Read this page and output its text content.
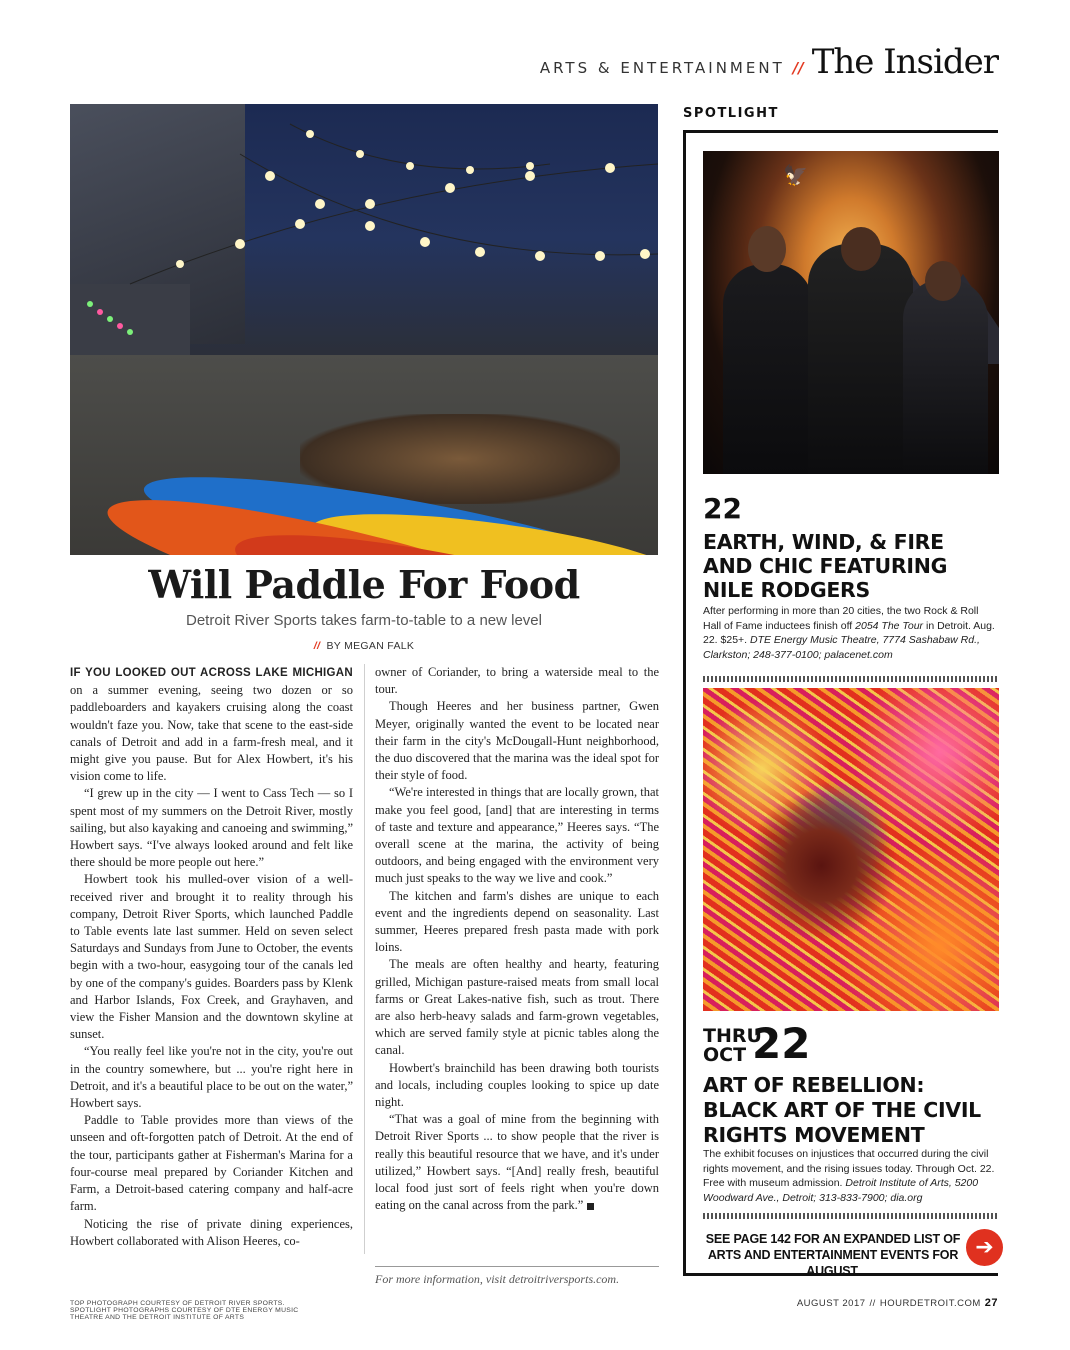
ARTS & ENTERTAINMENT // The Insider
Will Paddle For Food
Detroit River Sports takes farm-to-table to a new level
// BY MEGAN FALK

IF YOU LOOKED OUT ACROSS LAKE MICHIGAN on a summer evening, seeing two dozen or so paddleboarders and kayakers cruising along the coast wouldn't faze you. Now, take that scene to the east-side canals of Detroit and add in a farm-fresh meal, and it might give you pause. But for Alex Howbert, it's his vision come to life.

“I grew up in the city — I went to Cass Tech — so I spent most of my summers on the Detroit River, mostly sailing, but also kayaking and canoeing and swimming,” Howbert says. “I've always looked around and felt like there should be more people out here.”

Howbert took his mulled-over vision of a well-received river and brought it to reality through his company, Detroit River Sports, which launched Paddle to Table events late last summer. Held on seven select Saturdays and Sundays from June to October, the events begin with a two-hour, easygoing tour of the canals led by one of the company's guides. Boarders pass by Klenk and Harbor Islands, Fox Creek, and Grayhaven, and view the Fisher Mansion and the downtown skyline at sunset.

“You really feel like you're not in the city, you're out in the country somewhere, but ... you're right here in Detroit, and it's a beautiful place to be out on the water,” Howbert says.

Paddle to Table provides more than views of the unseen and oft-forgotten patch of Detroit. At the end of the tour, participants gather at Fisherman's Marina for a four-course meal prepared by Coriander Kitchen and Farm, a Detroit-based catering company and half-acre farm.

Noticing the rise of private dining experiences, Howbert collaborated with Alison Heeres, co-

owner of Coriander, to bring a waterside meal to the tour.

Though Heeres and her business partner, Gwen Meyer, originally wanted the event to be located near their farm in the city's McDougall-Hunt neighborhood, the duo discovered that the marina was the ideal spot for their style of food.

“We're interested in things that are locally grown, that make you feel good, [and] that are interesting in terms of taste and texture and appearance,” Heeres says. “The overall scene at the marina, the activity of being outdoors, and being engaged with the environment very much just speaks to the way we live and cook.”

The kitchen and farm's dishes are unique to each event and the ingredients depend on seasonality. Last summer, Heeres prepared fresh pasta made with pork loins.

The meals are often healthy and hearty, featuring grilled, Michigan pasture-raised meats from small local farms or Great Lakes-native fish, such as trout. There are also herb-heavy salads and farm-grown vegetables, which are served family style at picnic tables along the canal.

Howbert's brainchild has been drawing both tourists and locals, including couples looking to spice up date night.

“That was a goal of mine from the beginning with Detroit River Sports ... to show people that the river is really this beautiful resource that we have, and it's under utilized,” Howbert says. “[And] really fresh, beautiful local food just sort of feels right when you're down eating on the canal across from the park.”

For more information, visit detroitriversports.com.
SPOTLIGHT
🦅
22
EARTH, WIND, & FIRE AND CHIC FEATURING NILE RODGERS
After performing in more than 20 cities, the two Rock & Roll Hall of Fame inductees finish off 2054 The Tour in Detroit. Aug. 22. $25+. DTE Energy Music Theatre, 7774 Sashabaw Rd., Clarkston; 248-377-0100; palacenet.com
THRU
OCT 22
ART OF REBELLION: BLACK ART OF THE CIVIL RIGHTS MOVEMENT
The exhibit focuses on injustices that occurred during the civil rights movement, and the rising issues today. Through Oct. 22. Free with museum admission. Detroit Institute of Arts, 5200 Woodward Ave., Detroit; 313-833-7900; dia.org
SEE PAGE 142 FOR AN EXPANDED LIST OF ARTS AND ENTERTAINMENT EVENTS FOR AUGUST.
➔
TOP PHOTOGRAPH COURTESY OF DETROIT RIVER SPORTS.
SPOTLIGHT PHOTOGRAPHS COURTESY OF DTE ENERGY MUSIC
THEATRE AND THE DETROIT INSTITUTE OF ARTS
AUGUST 2017 // HOURDETROIT.COM 27
